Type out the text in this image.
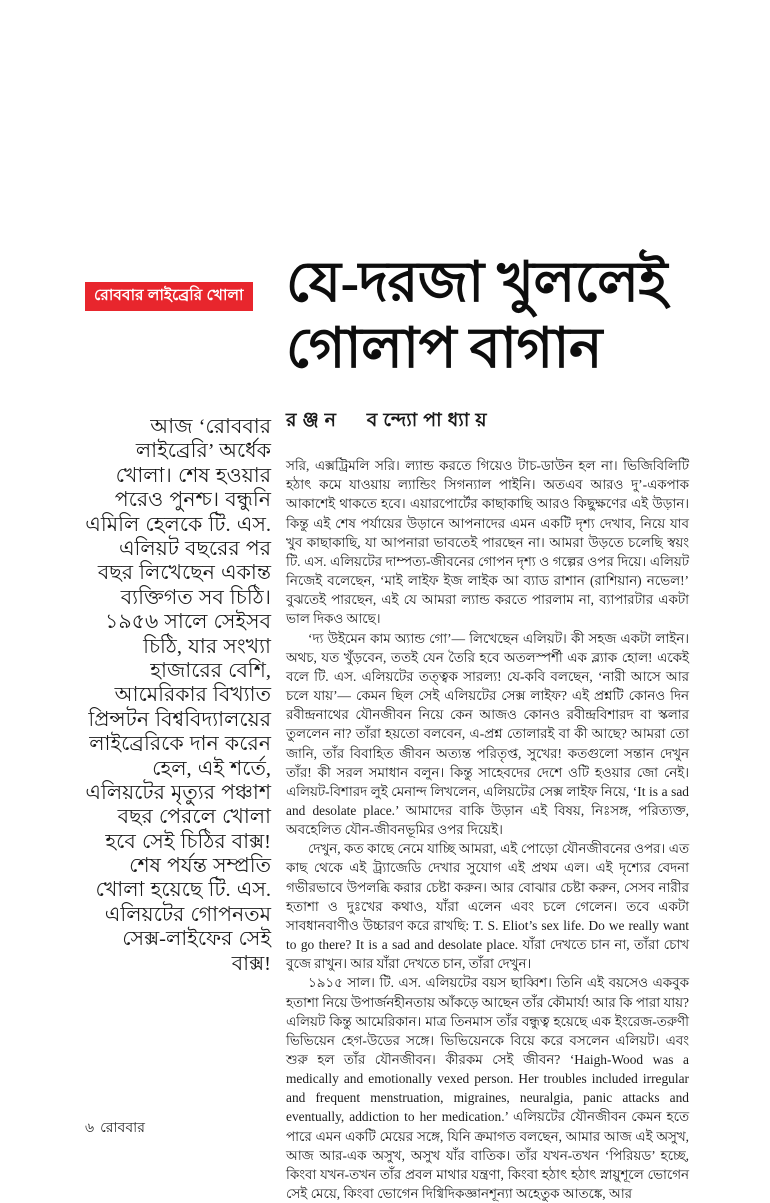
রোববার লাইব্রেরি খোলা
আজ ‘রোববার লাইব্রেরি’ অর্ধেক খোলা। শেষ হওয়ার পরেও পুনশ্চ। বন্ধুনি এমিলি হেলকে টি. এস. এলিয়ট বছরের পর বছর লিখেছেন একান্ত ব্যক্তিগত সব চিঠি। ১৯৫৬ সালে সেইসব চিঠি, যার সংখ্যা হাজারের বেশি, আমেরিকার বিখ্যাত প্রিন্সটন বিশ্ববিদ্যালয়ের লাইব্রেরিকে দান করেন হেল, এই শর্তে, এলিয়টের মৃত্যুর পঞ্চাশ বছর পেরলে খোলা হবে সেই চিঠির বাক্স! শেষ পর্যন্ত সম্প্রতি খোলা হয়েছে টি. এস. এলিয়টের গোপনতম সেক্স-লাইফের সেই বাক্স!
যে-দরজা খুললেই
গোলাপ বাগান
রঞ্জন বন্দ্যোপাধ্যায়

সরি, এক্সট্রিমলি সরি। ল্যান্ড করতে গিয়েও টাচ-ডাউন হল না। ভিজিবিলিটি হঠাৎ কমে যাওয়ায় ল্যান্ডিং সিগন্যাল পাইনি। অতএব আরও দু’-একপাক আকাশেই থাকতে হবে। এয়ারপোর্টের কাছাকাছি আরও কিছুক্ষণের এই উড়ান। কিন্তু এই শেষ পর্যায়ের উড়ানে আপনাদের এমন একটি দৃশ্য দেখাব, নিয়ে যাব খুব কাছাকাছি, যা আপনারা ভাবতেই পারছেন না। আমরা উড়তে চলেছি স্বয়ং টি. এস. এলিয়টের দাম্পত্য-জীবনের গোপন দৃশ্য ও গল্পের ওপর দিয়ে। এলিয়ট নিজেই বলেছেন, ‘মাই লাইফ ইজ লাইক আ ব্যাড রাশান (রাশিয়ান) নভেল!’ বুঝতেই পারছেন, এই যে আমরা ল্যান্ড করতে পারলাম না, ব্যাপারটার একটা ভাল দিকও আছে।

‘দ্য উইমেন কাম অ্যান্ড গো’— লিখেছেন এলিয়ট। কী সহজ একটা লাইন। অথচ, যত খুঁড়বেন, ততই যেন তৈরি হবে অতলস্পর্শী এক ব্ল্যাক হোল! একেই বলে টি. এস. এলিয়টের তত্ত্বক সারল্য! যে-কবি বলছেন, ‘নারী আসে আর চলে যায়’— কেমন ছিল সেই এলিয়টের সেক্স লাইফ? এই প্রশ্নটি কোনও দিন রবীন্দ্রনাথের যৌনজীবন নিয়ে কেন আজও কোনও রবীন্দ্রবিশারদ বা স্কলার তুললেন না? তাঁরা হয়তো বলবেন, এ-প্রশ্ন তোলারই বা কী আছে? আমরা তো জানি, তাঁর বিবাহিত জীবন অত্যন্ত পরিতৃপ্ত, সুখের! কতগুলো সন্তান দেখুন তাঁর! কী সরল সমাধান বলুন। কিন্তু সাহেবদের দেশে ওটি হওয়ার জো নেই। এলিয়ট-বিশারদ লুই মেনান্দ লিখলেন, এলিয়টের সেক্স লাইফ নিয়ে, ‘It is a sad and desolate place.’ আমাদের বাকি উড়ান এই বিষয়, নিঃসঙ্গ, পরিত্যক্ত, অবহেলিত যৌন-জীবনভূমির ওপর দিয়েই।

দেখুন, কত কাছে নেমে যাচ্ছি আমরা, এই পোড়ো যৌনজীবনের ওপর। এত কাছ থেকে এই ট্র্যাজেডি দেখার সুযোগ এই প্রথম এল। এই দৃশ্যের বেদনা গভীরভাবে উপলব্ধি করার চেষ্টা করুন। আর বোঝার চেষ্টা করুন, সেসব নারীর হতাশা ও দুঃখের কথাও, যাঁরা এলেন এবং চলে গেলেন। তবে একটা সাবধানবাণীও উচ্চারণ করে রাখছি: T. S. Eliot’s sex life. Do we really want to go there? It is a sad and desolate place. যাঁরা দেখতে চান না, তাঁরা চোখ বুজে রাখুন। আর যাঁরা দেখতে চান, তাঁরা দেখুন।

১৯১৫ সাল। টি. এস. এলিয়টের বয়স ছাব্বিশ। তিনি এই বয়সেও একবুক হতাশা নিয়ে উপার্জনহীনতায় আঁকড়ে আছেন তাঁর কৌমার্য! আর কি পারা যায়? এলিয়ট কিন্তু আমেরিকান। মাত্র তিনমাস তাঁর বন্ধুত্ব হয়েছে এক ইংরেজ-তরুণী ভিভিয়েন হেগ-উডের সঙ্গে। ভিভিয়েনকে বিয়ে করে বসলেন এলিয়ট। এবং শুরু হল তাঁর যৌনজীবন। কীরকম সেই জীবন? ‘Haigh-Wood was a medically and emotionally vexed person. Her troubles included irregular and frequent menstruation, migraines, neuralgia, panic attacks and eventually, addiction to her medication.’ এলিয়টের যৌনজীবন কেমন হতে পারে এমন একটি মেয়ের সঙ্গে, যিনি ক্রমাগত বলছেন, আমার আজ এই অসুখ, আজ আর-এক অসুখ, অসুখ যাঁর বাতিক। তাঁর যখন-তখন ‘পিরিয়ড’ হচ্ছে, কিংবা যখন-তখন তাঁর প্রবল মাথার যন্ত্রণা, কিংবা হঠাৎ হঠাৎ স্নায়ুশূলে ভোগেন সেই মেয়ে, কিংবা ভোগেন দিগ্বিদিকজ্ঞানশূন্যা অহেতুক আতঙ্কে, আর

৬ রোববার
